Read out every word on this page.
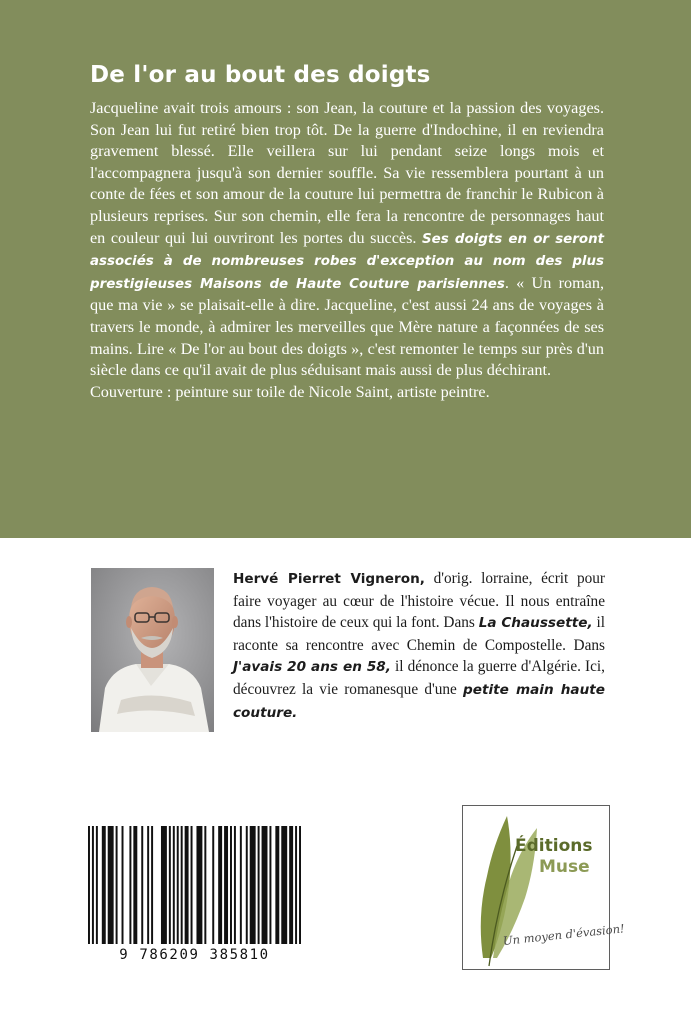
De l'or au bout des doigts

Jacqueline avait trois amours : son Jean, la couture et la passion des voyages. Son Jean lui fut retiré bien trop tôt. De la guerre d'Indochine, il en reviendra gravement blessé. Elle veillera sur lui pendant seize longs mois et l'accompagnera jusqu'à son dernier souffle. Sa vie ressemblera pourtant à un conte de fées et son amour de la couture lui permettra de franchir le Rubicon à plusieurs reprises. Sur son chemin, elle fera la rencontre de personnages haut en couleur qui lui ouvriront les portes du succès. Ses doigts en or seront associés à de nombreuses robes d'exception au nom des plus prestigieuses Maisons de Haute Couture parisiennes. « Un roman, que ma vie » se plaisait-elle à dire. Jacqueline, c'est aussi 24 ans de voyages à travers le monde, à admirer les merveilles que Mère nature a façonnées de ses mains. Lire « De l'or au bout des doigts », c'est remonter le temps sur près d'un siècle dans ce qu'il avait de plus séduisant mais aussi de plus déchirant.
Couverture : peinture sur toile de Nicole Saint, artiste peintre.

Hervé Pierret Vigneron, d'orig. lorraine, écrit pour faire voyager au cœur de l'histoire vécue. Il nous entraîne dans l'histoire de ceux qui la font. Dans La Chaussette, il raconte sa rencontre avec Chemin de Compostelle. Dans J'avais 20 ans en 58, il dénonce la guerre d'Algérie. Ici, découvrez la vie romanesque d'une petite main haute couture.

9 786209 385810
Éditions
Muse
Un moyen d'évasion!
